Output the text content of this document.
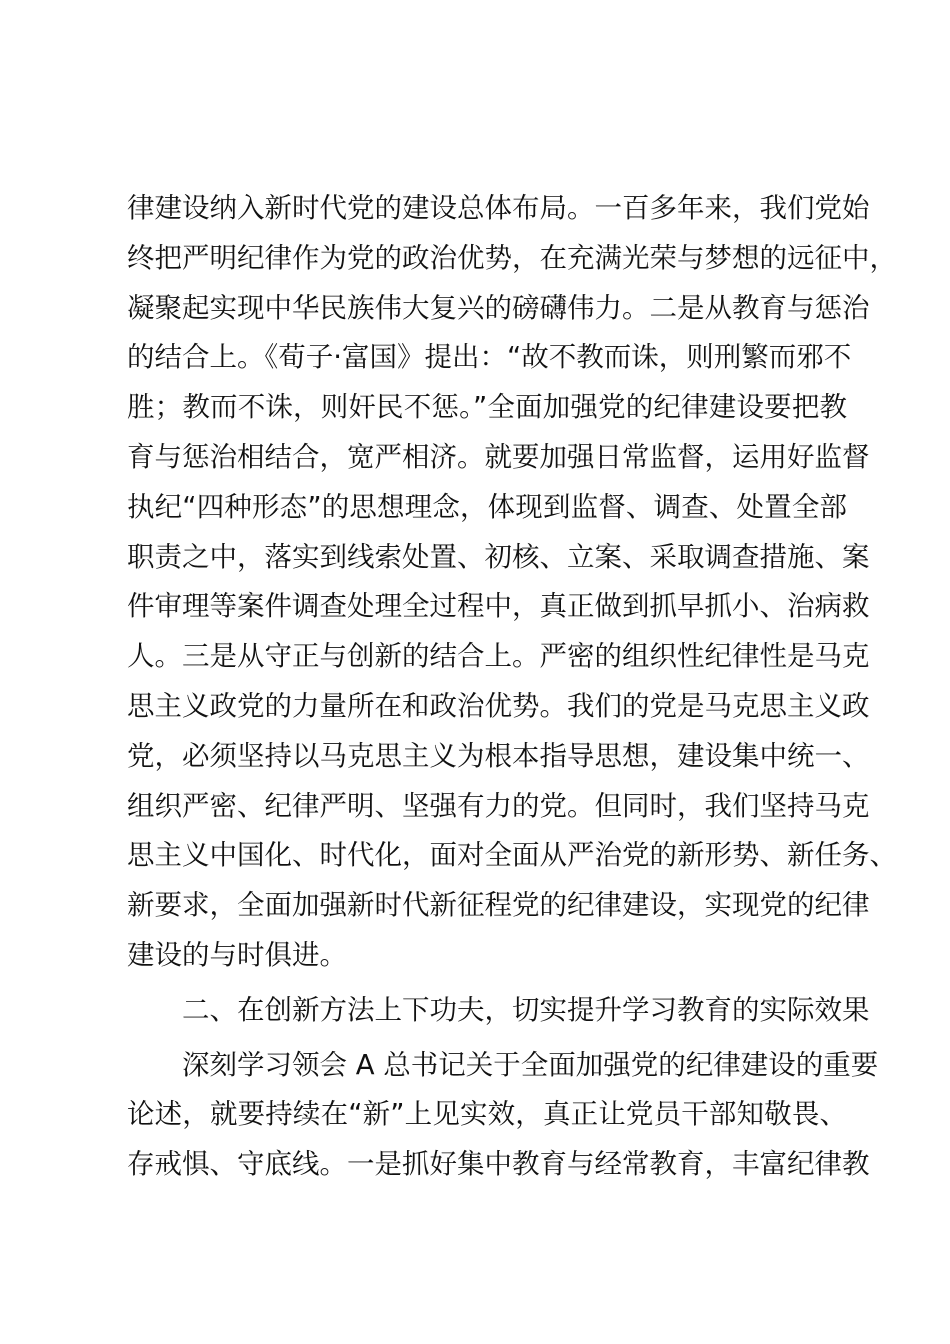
律建设纳入新时代党的建设总体布局。一百多年来，我们党始
终把严明纪律作为党的政治优势，在充满光荣与梦想的远征中，
凝聚起实现中华民族伟大复兴的磅礴伟力。二是从教育与惩治
的结合上。《荀子·富国》提出：“故不教而诛，则刑繁而邪不
胜；教而不诛，则奸民不惩。”全面加强党的纪律建设要把教
育与惩治相结合，宽严相济。就要加强日常监督，运用好监督
执纪“四种形态”的思想理念，体现到监督、调查、处置全部
职责之中，落实到线索处置、初核、立案、采取调查措施、案
件审理等案件调查处理全过程中，真正做到抓早抓小、治病救
人。三是从守正与创新的结合上。严密的组织性纪律性是马克
思主义政党的力量所在和政治优势。我们的党是马克思主义政
党，必须坚持以马克思主义为根本指导思想，建设集中统一、
组织严密、纪律严明、坚强有力的党。但同时，我们坚持马克
思主义中国化、时代化，面对全面从严治党的新形势、新任务、
新要求，全面加强新时代新征程党的纪律建设，实现党的纪律
建设的与时俱进。
二、在创新方法上下功夫，切实提升学习教育的实际效果
深刻学习领会 A 总书记关于全面加强党的纪律建设的重要
论述，就要持续在“新”上见实效，真正让党员干部知敬畏、
存戒惧、守底线。一是抓好集中教育与经常教育，丰富纪律教
